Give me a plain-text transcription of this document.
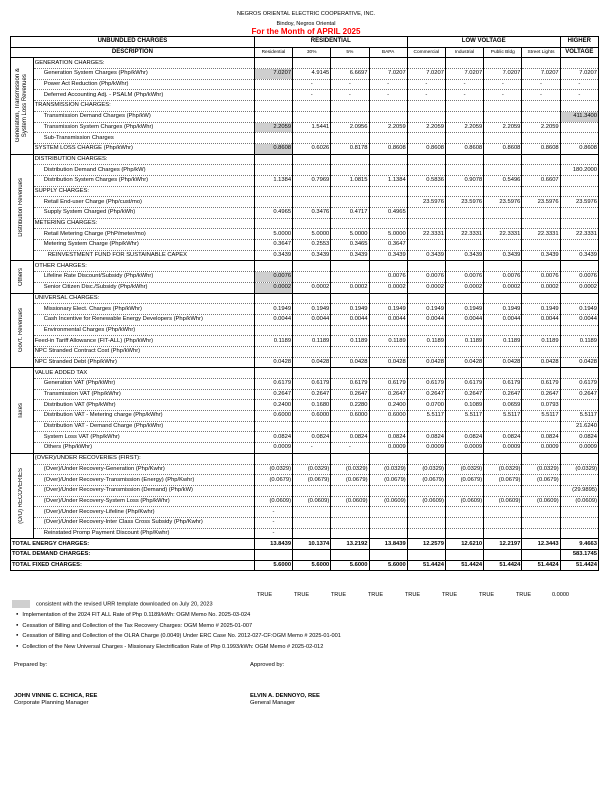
NEGROS ORIENTAL ELECTRIC COOPERATIVE, INC.
Bindoy, Negros Oriental
For the Month of APRIL 2025
UNBUNDLED CHARGES		RESIDENTIAL				LOW VOLTAGE				HIGHER
DESCRIPTION		Residential	30%	5%	BAPA	Commercial	Industrial	Public Bldg	Street Lights	VOLTAGE

Generation, Transmission & System Loss Revenues	GENERATION CHARGES:									
	Generation System Charges (Php/kWhr)	7.0207	4.9145	6.6697	7.0207	7.0207	7.0207	7.0207	7.0207	7.0207
	Power Act Reduction (Php/kWhr)		-	-	-	-	-	-	-	-
	Deferred Accounting Adj. - PSALM (Php/kWhr)		-	-	-	-	-	-	-	-
	TRANSMISSION CHARGES:									
	Transmission Demand Charges (Php/kW)									411.3400
	Transmission System Charges (Php/kWhr)	2.2059	1.5441	2.0956	2.2059	2.2059	2.2059	2.2059	2.2059	
	Sub-Transmission Charges									
	SYSTEM LOSS CHARGE (Php/kWhr)	0.8608	0.6026	0.8178	0.8608	0.8608	0.8608	0.8608	0.8608	0.8608

Distribution Revenues	DISTRIBUTION CHARGES:									
	Distribution Demand Charges (Php/kW)									180.2000
	Distribution System Charges (Php/kWhr)	1.1384	0.7969	1.0815	1.1384	0.5836	0.9078	0.5496	0.6607	
	SUPPLY CHARGES:									
	Retail End-user Charge (Php/cust/mo)					23.5976	23.5976	23.5976	23.5976	23.5976
	Supply System Charged (Php/kWh)	0.4965	0.3476	0.4717	0.4965					
	METERING CHARGES:									
	Retail Metering Charge (PhP/meter/mo)	5.0000	5.0000	5.0000	5.0000	22.3331	22.3331	22.3331	22.3331	22.3331
	Metering System Charge (Php/kWhr)	0.3647	0.2553	0.3465	0.3647					
	REINVESTMENT FUND FOR SUSTAINABLE CAPEX	0.3439	0.3439	0.3439	0.3439	0.3439	0.3439	0.3439	0.3439	0.3439

Others	OTHER CHARGES:									
	Lifeline Rate Discount/Subsidy (Php/kWhr)	0.0076			0.0076	0.0076	0.0076	0.0076	0.0076	0.0076
	Senior Citizen Disc./Subsidy (Php/kWhr)	0.0002	0.0002	0.0002	0.0002	0.0002	0.0002	0.0002	0.0002	0.0002

Gov't. Revenues	UNIVERSAL CHARGES:									
	Missionary Elect. Charges (Php/kWhr)	0.1949	0.1949	0.1949	0.1949	0.1949	0.1949	0.1949	0.1949	0.1949
	Cash Incentive for Renewable Energy Developers (Php/kWhr)	0.0044	0.0044	0.0044	0.0044	0.0044	0.0044	0.0044	0.0044	0.0044
	Environmental Charges (Php/kWhr)									
	Feed-in Tariff Allowance (FIT-ALL) (Php/kWhr)	0.1189	0.1189	0.1189	0.1189	0.1189	0.1189	0.1189	0.1189	0.1189
	NPC Stranded Contract Cost (Php/kWhr)									
	NPC Stranded Debt (Php/kWhr)	0.0428	0.0428	0.0428	0.0428	0.0428	0.0428	0.0428	0.0428	0.0428

Taxes	VALUE ADDED TAX									
	Generation VAT (Php/kWhr)	0.6179	0.6179	0.6179	0.6179	0.6179	0.6179	0.6179	0.6179	0.6179
	Transmission VAT (Php/kWhr)	0.2647	0.2647	0.2647	0.2647	0.2647	0.2647	0.2647	0.2647	0.2647
	Distribution VAT (Php/kWhr)	0.2400	0.1680	0.2280	0.2400	0.0700	0.1089	0.0659	0.0793	
	Distribution VAT - Metering charge (Php/kWhr)	0.6000	0.6000	0.6000	0.6000	5.5117	5.5117	5.5117	5.5117	5.5117
	Distribution VAT - Demand Charge (Php/kWhr)									21.6240
	System Loss VAT (Php/kWhr)	0.0824	0.0824	0.0824	0.0824	0.0824	0.0824	0.0824	0.0824	0.0824
	Others (Php/kWhr)	0.0009	-	-	0.0009	0.0009	0.0009	0.0009	0.0009	0.0009

(O/U) RECOVERIES	(OVER)/UNDER RECOVERIES (FIRST):									
	(Over)/Under Recovery-Generation (Php/Kwhr)	(0.0329)	(0.0329)	(0.0329)	(0.0329)	(0.0329)	(0.0329)	(0.0329)	(0.0329)	(0.0329)
	(Over)/Under Recovery-Transmission (Energy) (Php/Kwhr)	(0.0679)	(0.0679)	(0.0679)	(0.0679)	(0.0679)	(0.0679)	(0.0679)	(0.0679)	
	(Over)/Under Recovery-Transmission (Demand) (Php/kW)									(29.9895)
	(Over)/Under Recovery-System Loss (Php/kWhr)	(0.0609)	(0.0609)	(0.0609)	(0.0609)	(0.0609)	(0.0609)	(0.0609)	(0.0609)	(0.0609)
	(Over)/Under Recovery-Lifeline (Php/Kwhr)	-								
	(Over)/Under Recovery-Inter Class Cross Subsidy (Php/Kwhr)	-								
	Reinstated Promp Payment Discount (Php/Kwhr)	-								
TOTAL ENERGY CHARGES:		13.8439	10.1374	13.2192	13.8439	12.2579	12.6210	12.2197	12.3443	9.4663
TOTAL DEMAND CHARGES:										583.1745
TOTAL FIXED CHARGES:		5.6000	5.6000	5.6000	5.6000	51.4424	51.4424	51.4424	51.4424	51.4424
TRUE	TRUE	TRUE	TRUE	TRUE	TRUE	TRUE	TRUE	0.0000
consistent with the revised URR template downloaded on July 20, 2023
● Implementation of the 2024 FIT ALL Rate of Php 0.1189/kWh: OGM Memo No. 2025-03-024
● Cessation of Billing and Collection of the Tax Recovery Charges: OGM Memo # 2025-01-007
● Cessation of Billing and Collection of the OLRA Charge (0.0049) Under ERC Case No. 2012-027-CF:OGM Memo # 2025-01-001
● Collection of the New Universal Charges - Missionary Electrification Rate of Php 0.1993/kWh: OGM Memo # 2025-02-012
Prepared by:	Approved by:
JOHN VINNIE C. ECHICA, REE
Corporate Planning Manager
ELVIN A. DENNOYO, REE
General Manager
